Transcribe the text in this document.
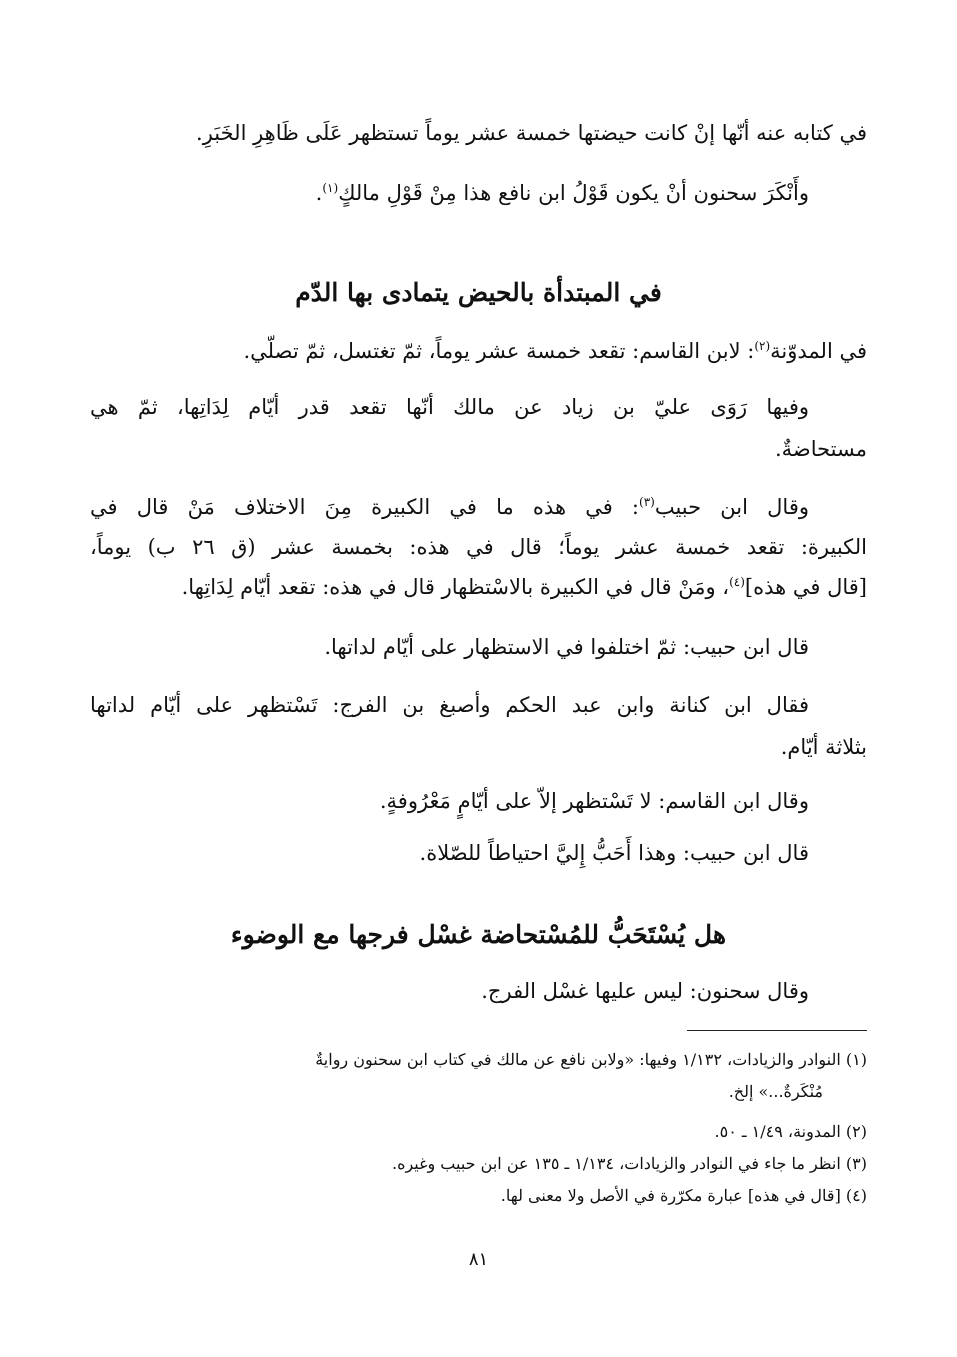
في كتابه عنه أنّها إنْ كانت حيضتها خمسة عشر يوماً تستظهر عَلَى ظَاهِرِ الخَبَرِ.
وأَنْكَرَ سحنون أنْ يكون قَوْلُ ابن نافع هذا مِنْ قَوْلِ مالكٍ$^{(١)}$.
في المبتدأة بالحيض يتمادى بها الدّم
في المدوّنة$^{(٢)}$: لابن القاسم: تقعد خمسة عشر يوماً، ثمّ تغتسل، ثمّ تصلّي.
وفيها رَوَى عليّ بن زياد عن مالك أنّها تقعد قدر أيّام لِدَاتِها، ثمّ هي
مستحاضةٌ.
وقال ابن حبيب$^{(٣)}$: في هذه ما في الكبيرة مِنَ الاختلاف مَنْ قال في
الكبيرة: تقعد خمسة عشر يوماً؛ قال في هذه: بخمسة عشر (ق ٢٦ ب) يوماً،
[قال في هذه]$^{(٤)}$، ومَنْ قال في الكبيرة بالاسْتظهار قال في هذه: تقعد أيّام لِدَاتِها.
قال ابن حبيب: ثمّ اختلفوا في الاستظهار على أيّام لداتها.
فقال ابن كنانة وابن عبد الحكم وأصبغ بن الفرج: تَسْتظهر على أيّام لداتها
بثلاثة أيّام.
وقال ابن القاسم: لا تَسْتظهر إلاّ على أيّامٍ مَعْرُوفةٍ.
قال ابن حبيب: وهذا أَحَبُّ إِليَّ احتياطاً للصّلاة.
هل يُسْتَحَبُّ للمُسْتحاضة غسْل فرجها مع الوضوء
وقال سحنون: ليس عليها غسْل الفرج.
(١) النوادر والزيادات، ١/١٣٢ وفيها: «ولابن نافع عن مالك في كتاب ابن سحنون روايةٌ
مُنْكَرةٌ...» إلخ.
(٢) المدونة، ١/٤٩ ـ ٥٠.
(٣) انظر ما جاء في النوادر والزيادات، ١/١٣٤ ـ ١٣٥ عن ابن حبيب وغيره.
(٤) [قال في هذه] عبارة مكرّرة في الأصل ولا معنى لها.
٨١
